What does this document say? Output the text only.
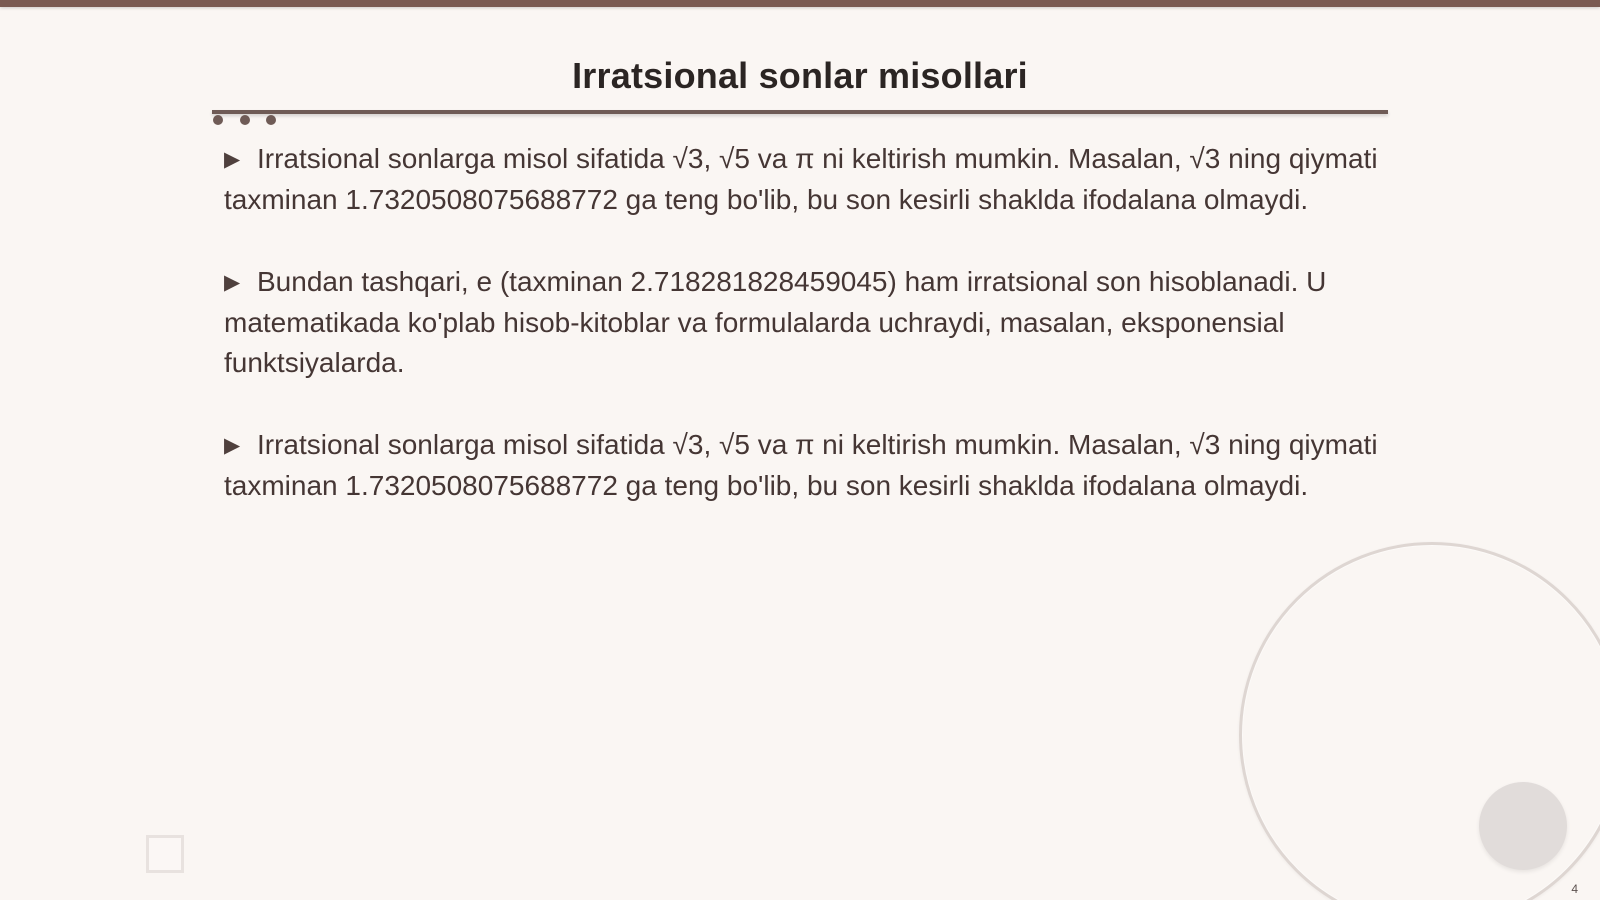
Irratsional sonlar misollari

▶ Irratsional sonlarga misol sifatida √3, √5 va π ni keltirish mumkin. Masalan, √3 ning qiymati taxminan 1.7320508075688772 ga teng bo'lib, bu son kesirli shaklda ifodalana olmaydi.

▶ Bundan tashqari, e (taxminan 2.718281828459045) ham irratsional son hisoblanadi. U matematikada ko'plab hisob-kitoblar va formulalarda uchraydi, masalan, eksponensial funktsiyalarda.

▶ Irratsional sonlarga misol sifatida √3, √5 va π ni keltirish mumkin. Masalan, √3 ning qiymati taxminan 1.7320508075688772 ga teng bo'lib, bu son kesirli shaklda ifodalana olmaydi.

4
